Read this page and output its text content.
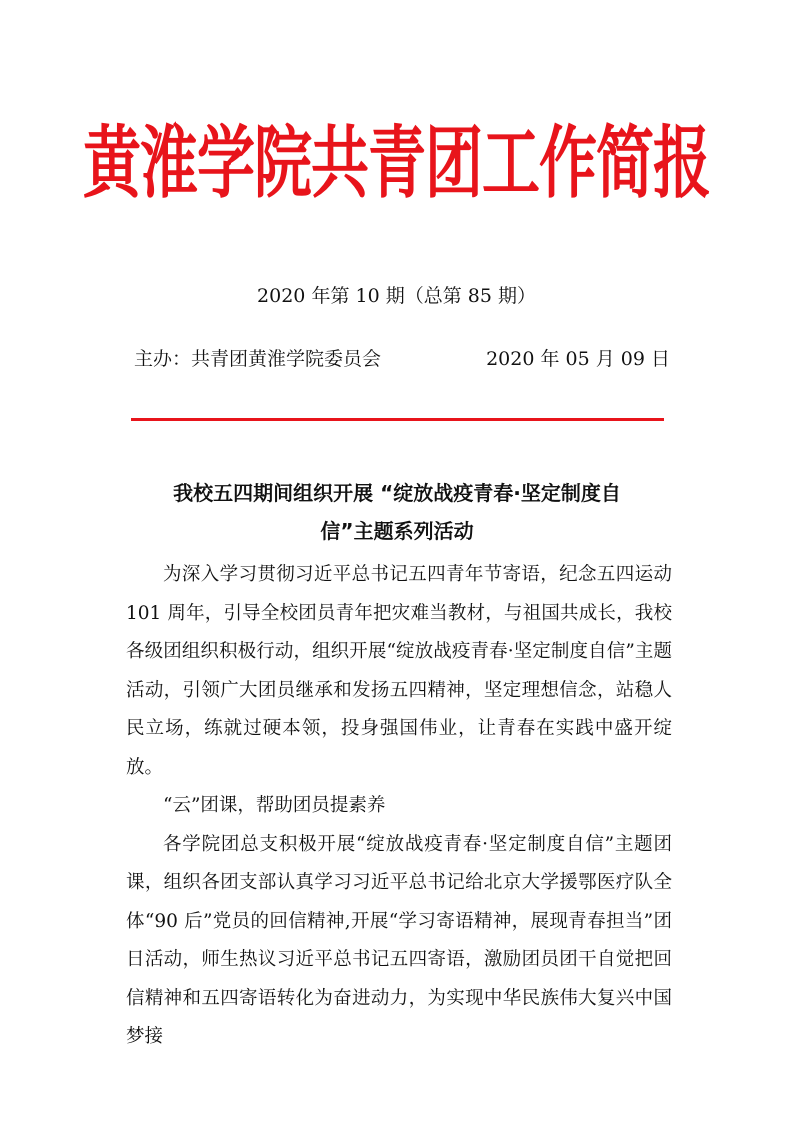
黄淮学院共青团工作简报
2020 年第 10 期（总第 85 期）
主办：共青团黄淮学院委员会	2020 年 05 月 09 日
我校五四期间组织开展 “绽放战疫青春·坚定制度自
信”主题系列活动

为深入学习贯彻习近平总书记五四青年节寄语，纪念五四运动101 周年，引导全校团员青年把灾难当教材，与祖国共成长，我校各级团组织积极行动，组织开展“绽放战疫青春·坚定制度自信”主题活动，引领广大团员继承和发扬五四精神，坚定理想信念，站稳人民立场，练就过硬本领，投身强国伟业，让青春在实践中盛开绽放。

“云”团课，帮助团员提素养

各学院团总支积极开展“绽放战疫青春·坚定制度自信”主题团课，组织各团支部认真学习习近平总书记给北京大学援鄂医疗队全体“90 后”党员的回信精神,开展“学习寄语精神，展现青春担当”团日活动，师生热议习近平总书记五四寄语，激励团员团干自觉把回信精神和五四寄语转化为奋进动力，为实现中华民族伟大复兴中国梦接
